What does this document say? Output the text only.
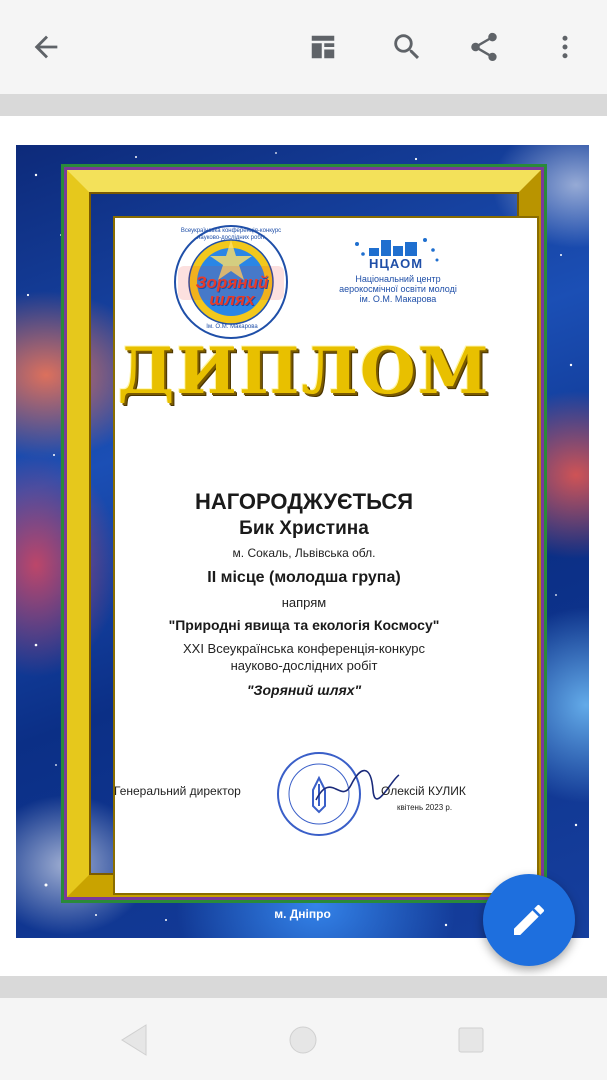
Зоряний шлях
Всеукраїнська конференція-конкурс науково-дослідних робіт
Ім. О.М. Макарова
НЦАОМ
Національний центр
аерокосмічної освіти молоді
ім. О.М. Макарова
ДИПЛОМ
НАГОРОДЖУЄТЬСЯ
Бик Христина
м. Сокаль, Львівська обл.
ІІ місце (молодша група)
напрям
"Природні явища та екологія Космосу"
XXI Всеукраїнська конференція-конкурс
науково-дослідних робіт
"Зоряний шлях"
Генеральний директор	Олексій КУЛИК
квітень 2023 р.
м. Дніпро
